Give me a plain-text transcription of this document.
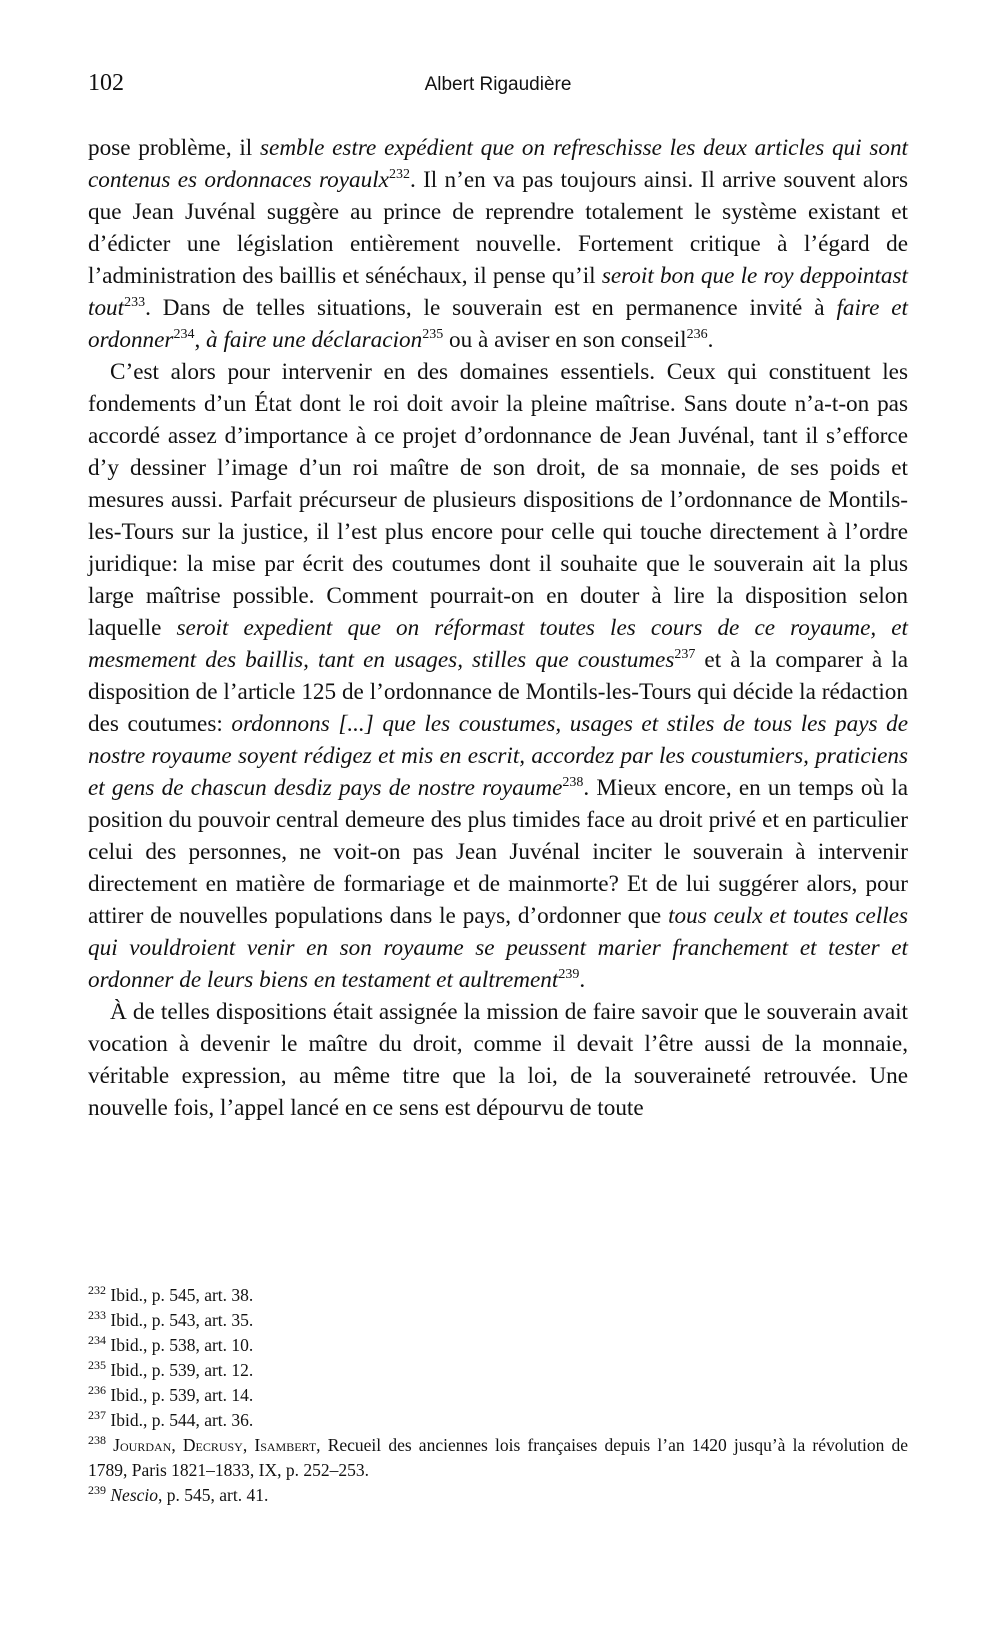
102	Albert Rigaudière

pose problème, il semble estre expédient que on refreschisse les deux articles qui sont contenus es ordonnaces royaulx$^{232}$. Il n’en va pas toujours ainsi. Il arrive souvent alors que Jean Juvénal suggère au prince de reprendre totalement le système existant et d’édicter une législation entièrement nouvelle. Fortement critique à l’égard de l’administration des baillis et sénéchaux, il pense qu’il seroit bon que le roy deppointast tout$^{233}$. Dans de telles situations, le souverain est en permanence invité à faire et ordonner$^{234}$, à faire une déclaracion$^{235}$ ou à aviser en son conseil$^{236}$.

C’est alors pour intervenir en des domaines essentiels. Ceux qui constituent les fondements d’un État dont le roi doit avoir la pleine maîtrise. Sans doute n’a-t-on pas accordé assez d’importance à ce projet d’ordonnance de Jean Juvénal, tant il s’efforce d’y dessiner l’image d’un roi maître de son droit, de sa monnaie, de ses poids et mesures aussi. Parfait précurseur de plusieurs dispositions de l’ordonnance de Montils-les-Tours sur la justice, il l’est plus encore pour celle qui touche directement à l’ordre juridique: la mise par écrit des coutumes dont il souhaite que le souverain ait la plus large maîtrise possible. Comment pourrait-on en douter à lire la disposition selon laquelle seroit expedient que on réformast toutes les cours de ce royaume, et mesmement des baillis, tant en usages, stilles que coustumes$^{237}$ et à la comparer à la disposition de l’article 125 de l’ordonnance de Montils-les-Tours qui décide la rédaction des coutumes: ordonnons [...] que les coustumes, usages et stiles de tous les pays de nostre royaume soyent rédigez et mis en escrit, accordez par les coustumiers, praticiens et gens de chascun desdiz pays de nostre royaume$^{238}$. Mieux encore, en un temps où la position du pouvoir central demeure des plus timides face au droit privé et en particulier celui des personnes, ne voit-on pas Jean Juvénal inciter le souverain à intervenir directement en matière de formariage et de mainmorte? Et de lui suggérer alors, pour attirer de nouvelles populations dans le pays, d’ordonner que tous ceulx et toutes celles qui vouldroient venir en son royaume se peussent marier franchement et tester et ordonner de leurs biens en testament et aultrement$^{239}$.

À de telles dispositions était assignée la mission de faire savoir que le souverain avait vocation à devenir le maître du droit, comme il devait l’être aussi de la monnaie, véritable expression, au même titre que la loi, de la souveraineté retrouvée. Une nouvelle fois, l’appel lancé en ce sens est dépourvu de toute

$^{232}$ Ibid., p. 545, art. 38.

$^{233}$ Ibid., p. 543, art. 35.

$^{234}$ Ibid., p. 538, art. 10.

$^{235}$ Ibid., p. 539, art. 12.

$^{236}$ Ibid., p. 539, art. 14.

$^{237}$ Ibid., p. 544, art. 36.

$^{238}$ Jourdan, Decrusy, Isambert, Recueil des anciennes lois françaises depuis l’an 1420 jusqu’à la révolution de 1789, Paris 1821–1833, IX, p. 252–253.

$^{239}$ Nescio, p. 545, art. 41.
